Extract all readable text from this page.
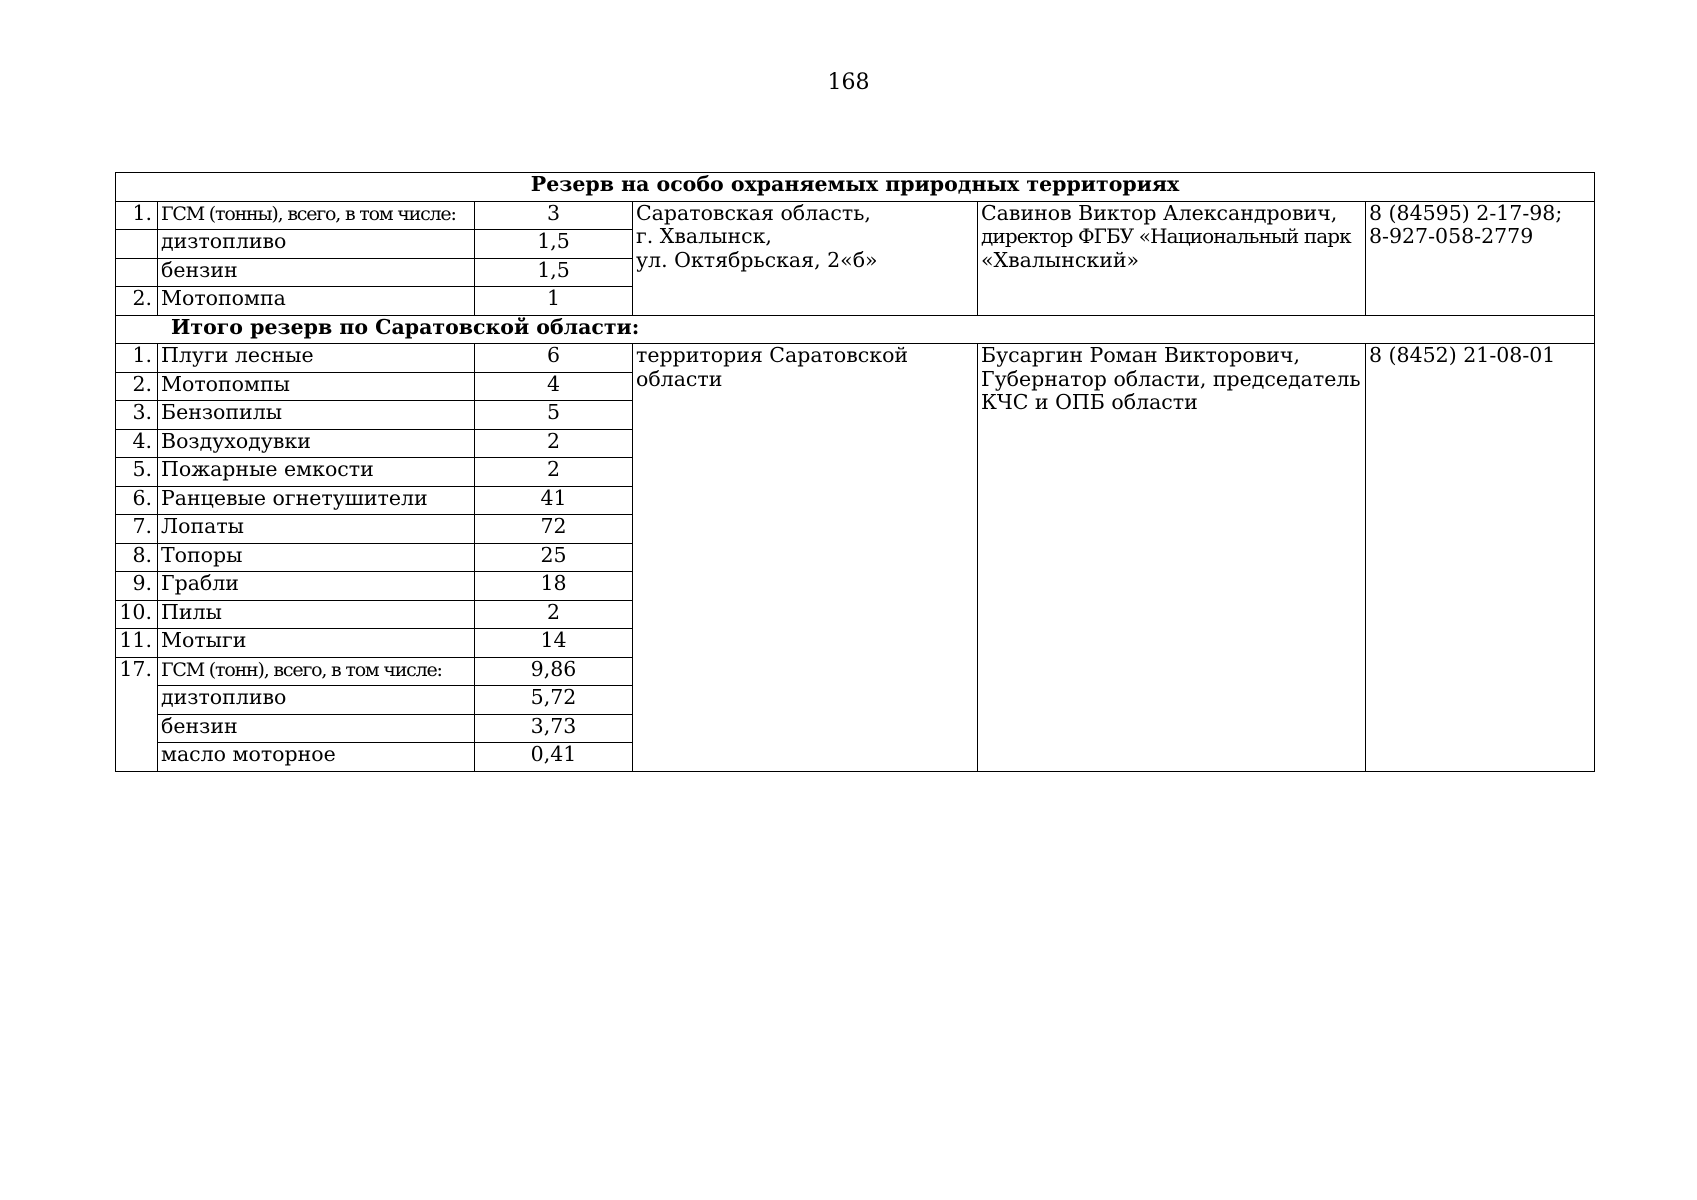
168
Резерв на особо охраняемых природных территориях					
1.	ГСМ (тонны), всего, в том числе:	3	Саратовская область,
г. Хвалынск,
ул. Октябрьская, 2«б»	Савинов Виктор Александрович,
директор ФГБУ «Национальный парк
«Хвалынский»	8 (84595) 2-17-98;
8-927-058-2779

	дизтопливо	1,5			
	бензин	1,5			
2.	Мотопомпа	1			
Итого резерв по Саратовской области:					
1.	Плуги лесные	6	территория Саратовской области	Бусаргин Роман Викторович, Губернатор области, председатель КЧС и ОПБ области	8 (8452) 21-08-01
2.	Мотопомпы	4			
3.	Бензопилы	5			
4.	Воздуходувки	2			
5.	Пожарные емкости	2			
6.	Ранцевые огнетушители	41			
7.	Лопаты	72			
8.	Топоры	25			
9.	Грабли	18			
10.	Пилы	2			
11.	Мотыги	14			
17.	ГСМ (тонн), всего, в том числе:	9,86			
	дизтопливо	5,72			
	бензин	3,73			
	масло моторное	0,41			
